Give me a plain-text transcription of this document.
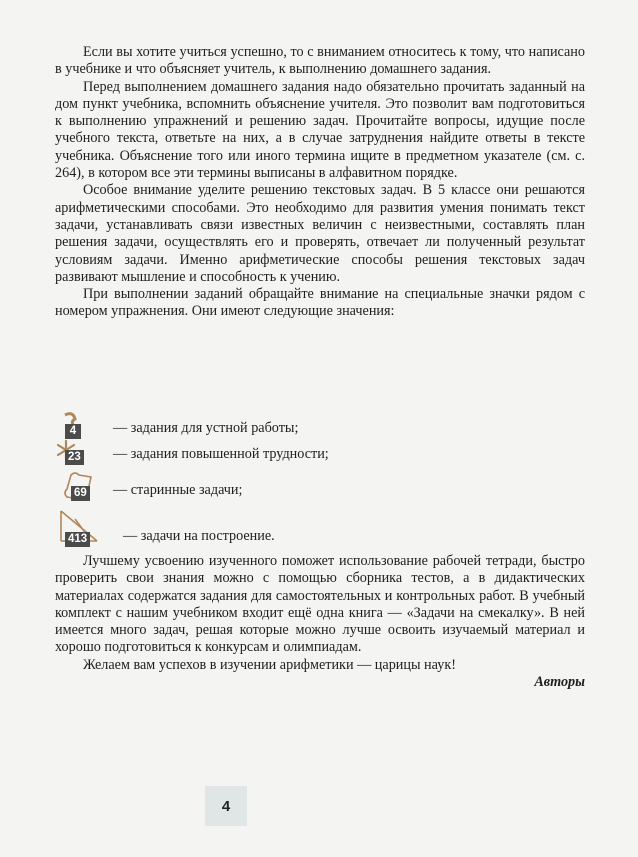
Если вы хотите учиться успешно, то с вниманием относитесь к тому, что написано в учебнике и что объясняет учитель, к выполнению домашнего задания.

Перед выполнением домашнего задания надо обязательно прочитать заданный на дом пункт учебника, вспомнить объяснение учителя. Это позволит вам подготовиться к выполнению упражнений и решению задач. Прочитайте вопросы, идущие после учебного текста, ответьте на них, а в случае затруднения найдите ответы в тексте учебника. Объяснение того или иного термина ищите в предметном указателе (см. с. 264), в котором все эти термины выписаны в алфавитном порядке.

Особое внимание уделите решению текстовых задач. В 5 классе они решаются арифметическими способами. Это необходимо для развития умения понимать текст задачи, устанавливать связи известных величин с неизвестными, составлять план решения задачи, осуществлять его и проверять, отвечает ли полученный результат условиям задачи. Именно арифметические способы решения текстовых задач развивают мышление и способность к учению.

При выполнении заданий обращайте внимание на специальные значки рядом с номером упражнения. Они имеют следующие значения:

4	— задания для устной работы;
23 — задания повышенной трудности;
69 — старинные задачи;
413	— задачи на построение.

Лучшему усвоению изученного поможет использование рабочей тетради, быстро проверить свои знания можно с помощью сборника тестов, а в дидактических материалах содержатся задания для самостоятельных и контрольных работ. В учебный комплект с нашим учебником входит ещё одна книга — «Задачи на смекалку». В ней имеется много задач, решая которые можно лучше освоить изучаемый материал и хорошо подготовиться к конкурсам и олимпиадам.

Желаем вам успехов в изучении арифметики — царицы наук!

Авторы

4
